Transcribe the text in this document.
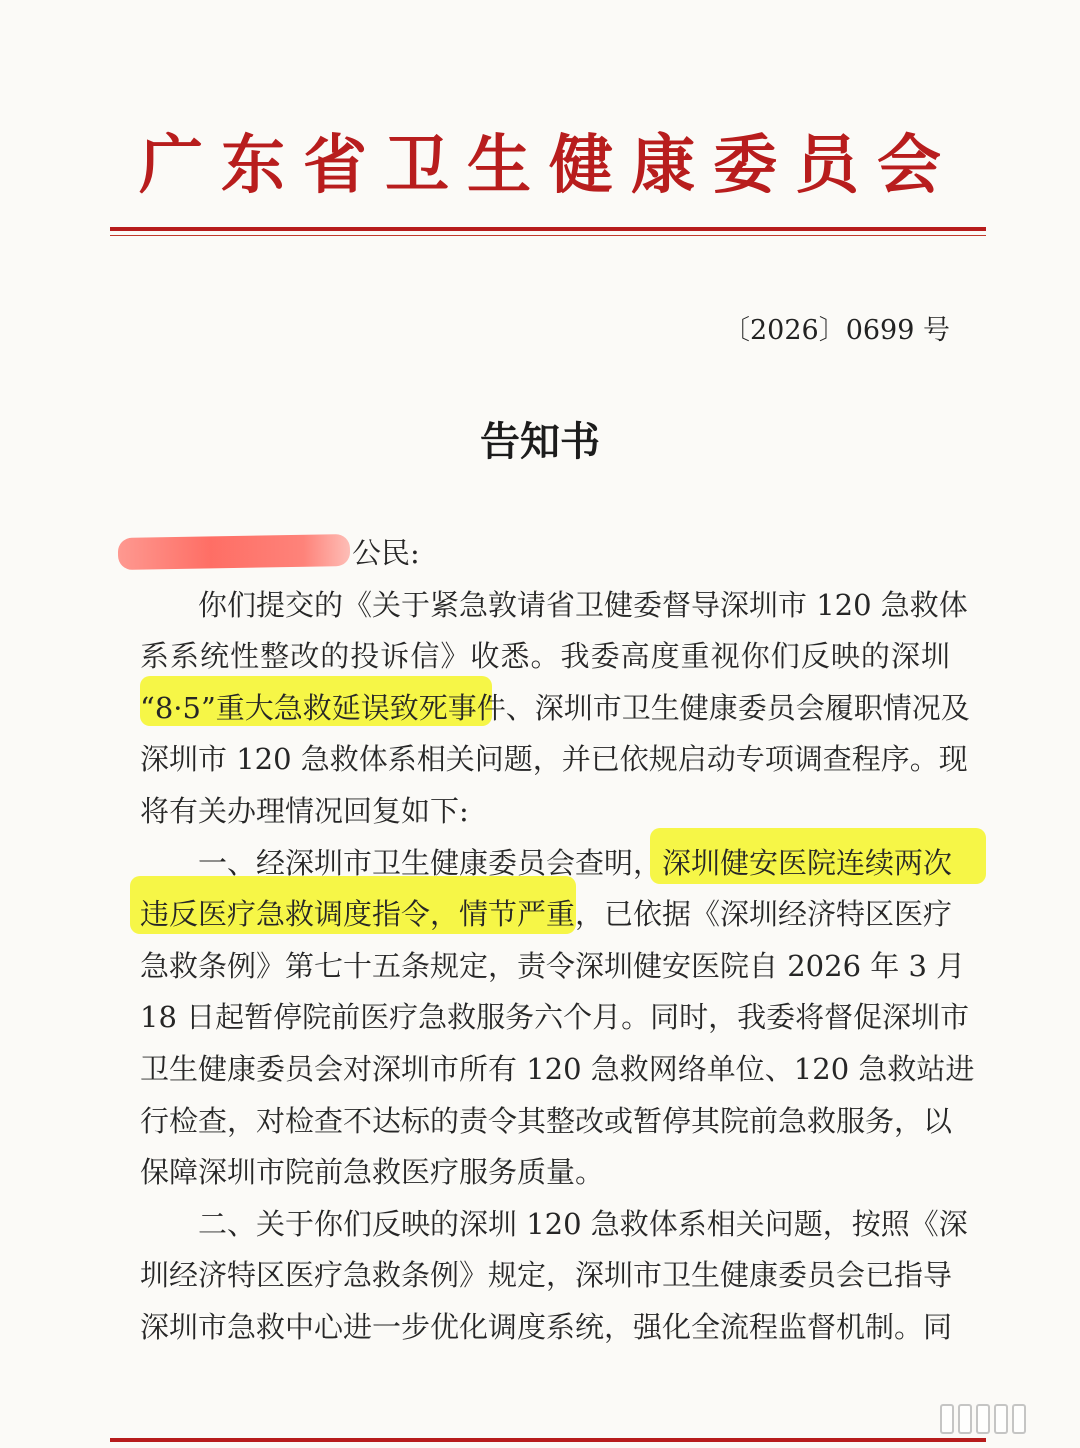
广东省卫生健康委员会
〔2026〕0699 号
告知书
公民:
你们提交的《关于紧急敦请省卫健委督导深圳市 120 急救体
系系统性整改的投诉信》收悉。我委高度重视你们反映的深圳
“8·5”重大急救延误致死事件、深圳市卫生健康委员会履职情况及
深圳市 120 急救体系相关问题，并已依规启动专项调查程序。现
将有关办理情况回复如下:
一、经深圳市卫生健康委员会查明，深圳健安医院连续两次
违反医疗急救调度指令，情节严重，已依据《深圳经济特区医疗
急救条例》第七十五条规定，责令深圳健安医院自 2026 年 3 月
18 日起暂停院前医疗急救服务六个月。同时，我委将督促深圳市
卫生健康委员会对深圳市所有 120 急救网络单位、120 急救站进
行检查，对检查不达标的责令其整改或暂停其院前急救服务，以
保障深圳市院前急救医疗服务质量。
二、关于你们反映的深圳 120 急救体系相关问题，按照《深
圳经济特区医疗急救条例》规定，深圳市卫生健康委员会已指导
深圳市急救中心进一步优化调度系统，强化全流程监督机制。同
